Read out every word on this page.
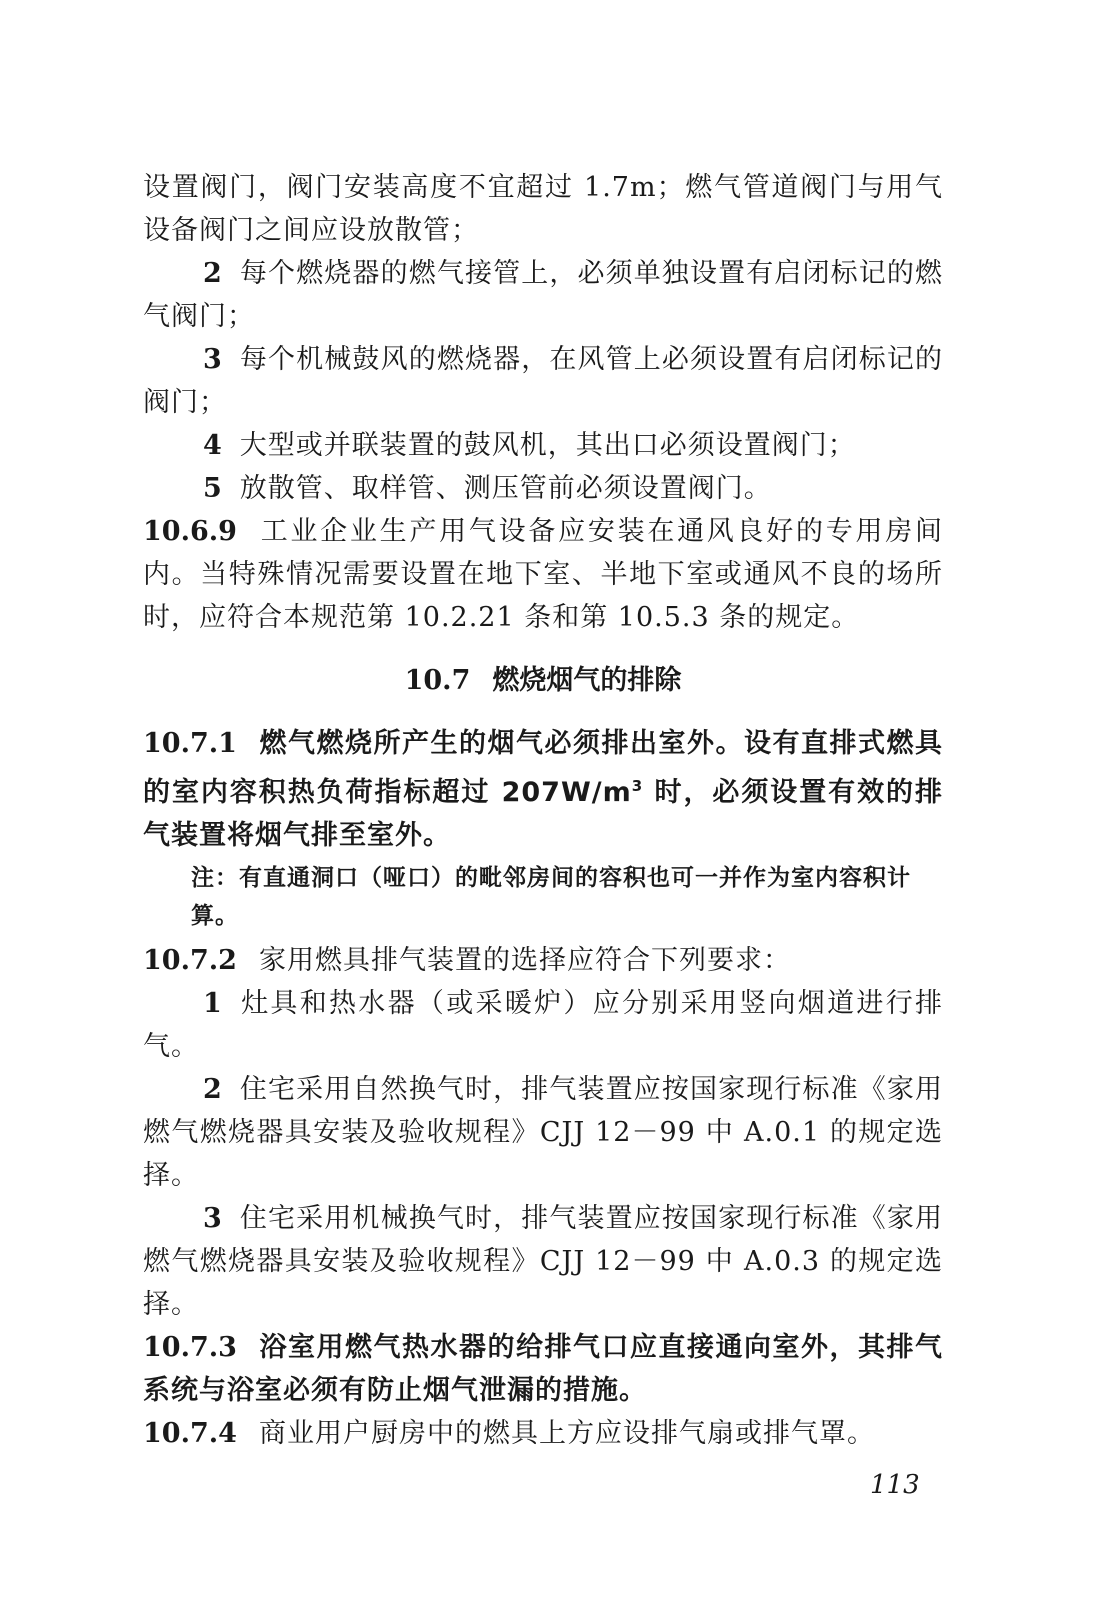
设置阀门，阀门安装高度不宜超过 1.7m；燃气管道阀门与用气设备阀门之间应设放散管；

2 每个燃烧器的燃气接管上，必须单独设置有启闭标记的燃气阀门；

3 每个机械鼓风的燃烧器，在风管上必须设置有启闭标记的阀门；

4 大型或并联装置的鼓风机，其出口必须设置阀门；

5 放散管、取样管、测压管前必须设置阀门。

10.6.9 工业企业生产用气设备应安装在通风良好的专用房间内。当特殊情况需要设置在地下室、半地下室或通风不良的场所时，应符合本规范第 10.2.21 条和第 10.5.3 条的规定。

10.7 燃烧烟气的排除

10.7.1 燃气燃烧所产生的烟气必须排出室外。设有直排式燃具的室内容积热负荷指标超过 $207W/m^3$ 时，必须设置有效的排气装置将烟气排至室外。

注：有直通洞口（哑口）的毗邻房间的容积也可一并作为室内容积计算。

10.7.2 家用燃具排气装置的选择应符合下列要求：

1 灶具和热水器（或采暖炉）应分别采用竖向烟道进行排气。

2 住宅采用自然换气时，排气装置应按国家现行标准《家用燃气燃烧器具安装及验收规程》CJJ 12－99 中 A.0.1 的规定选择。

3 住宅采用机械换气时，排气装置应按国家现行标准《家用燃气燃烧器具安装及验收规程》CJJ 12－99 中 A.0.3 的规定选择。

10.7.3 浴室用燃气热水器的给排气口应直接通向室外，其排气系统与浴室必须有防止烟气泄漏的措施。

10.7.4 商业用户厨房中的燃具上方应设排气扇或排气罩。

113
